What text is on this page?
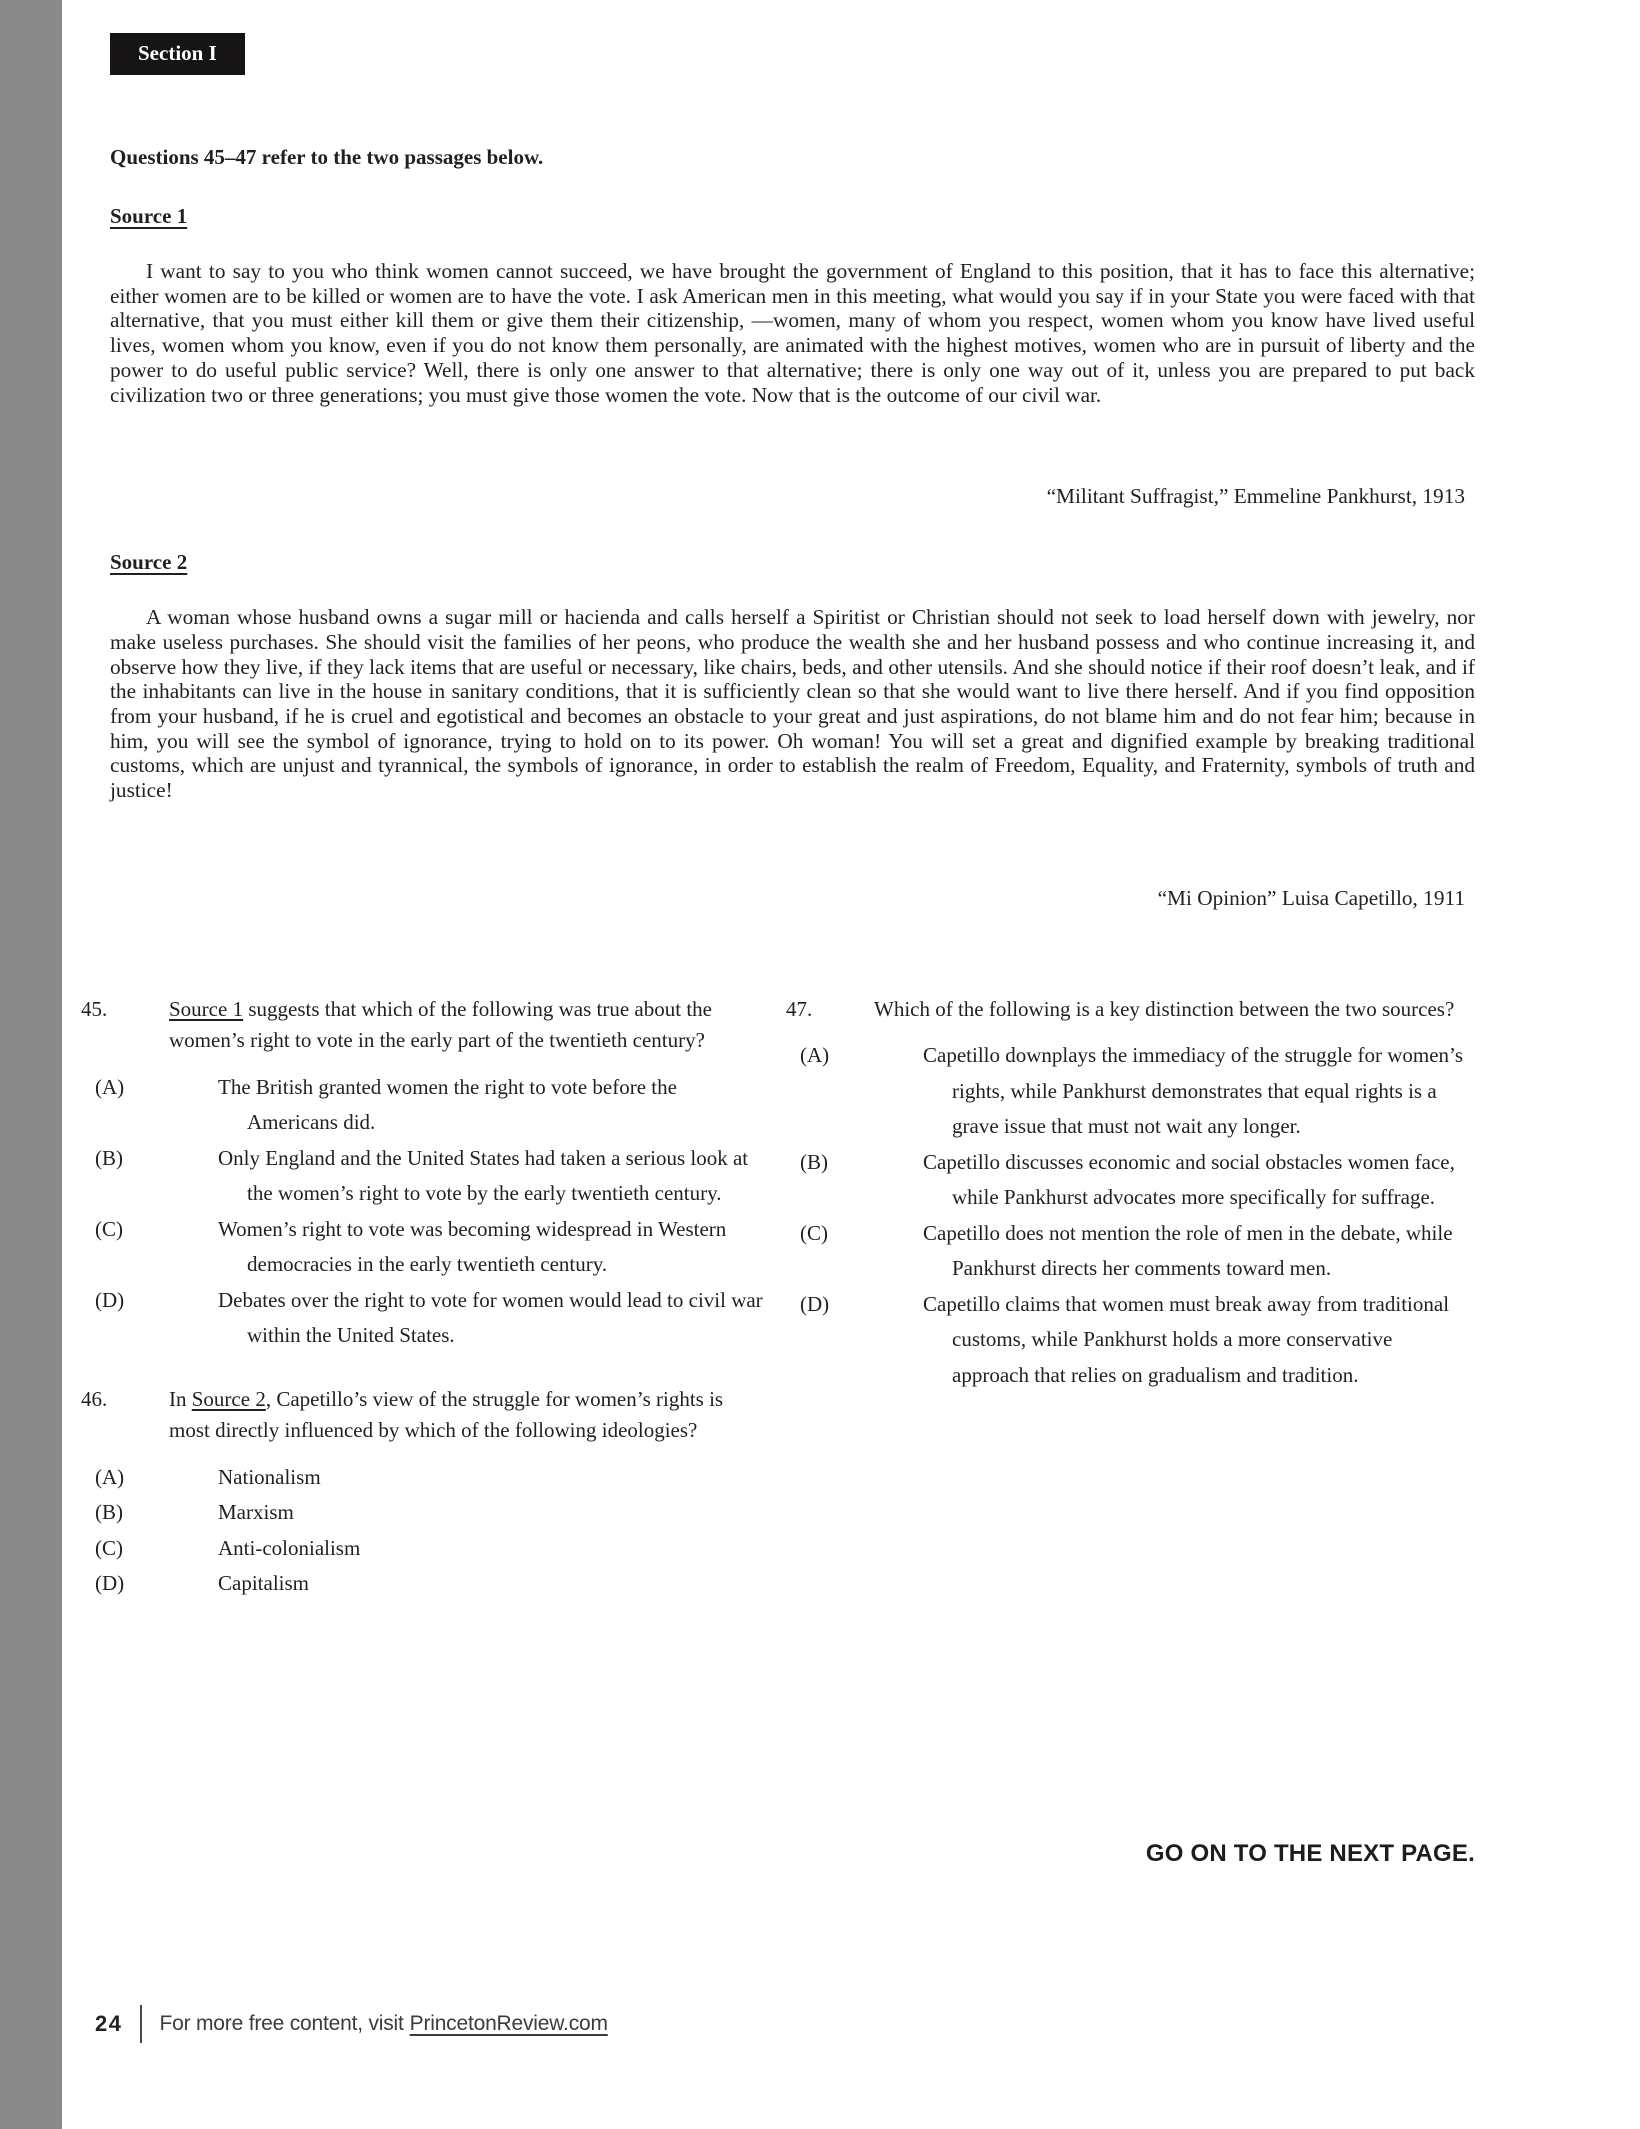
Section I
Questions 45–47 refer to the two passages below.
Source 1

I want to say to you who think women cannot succeed, we have brought the government of England to this position, that it has to face this alternative; either women are to be killed or women are to have the vote. I ask American men in this meeting, what would you say if in your State you were faced with that alternative, that you must either kill them or give them their citizenship, —women, many of whom you respect, women whom you know have lived useful lives, women whom you know, even if you do not know them personally, are animated with the highest motives, women who are in pursuit of liberty and the power to do useful public service? Well, there is only one answer to that alternative; there is only one way out of it, unless you are prepared to put back civilization two or three generations; you must give those women the vote. Now that is the outcome of our civil war.

“Militant Suffragist,” Emmeline Pankhurst, 1913
Source 2

A woman whose husband owns a sugar mill or hacienda and calls herself a Spiritist or Christian should not seek to load herself down with jewelry, nor make useless purchases. She should visit the families of her peons, who produce the wealth she and her husband possess and who continue increasing it, and observe how they live, if they lack items that are useful or necessary, like chairs, beds, and other utensils. And she should notice if their roof doesn’t leak, and if the inhabitants can live in the house in sanitary conditions, that it is sufficiently clean so that she would want to live there herself. And if you find opposition from your husband, if he is cruel and egotistical and becomes an obstacle to your great and just aspirations, do not blame him and do not fear him; because in him, you will see the symbol of ignorance, trying to hold on to its power. Oh woman! You will set a great and dignified example by breaking traditional customs, which are unjust and tyrannical, the symbols of ignorance, in order to establish the realm of Freedom, Equality, and Fraternity, symbols of truth and justice!

“Mi Opinion” Luisa Capetillo, 1911
45.	Source 1 suggests that which of the following was true about the women’s right to vote in the early part of the twentieth century?
(A)	The British granted women the right to vote before the Americans did.
(B)	Only England and the United States had taken a serious look at the women’s right to vote by the early twentieth century.
(C)	Women’s right to vote was becoming widespread in Western democracies in the early twentieth century.
(D)	Debates over the right to vote for women would lead to civil war within the United States.
46.	In Source 2, Capetillo’s view of the struggle for women’s rights is most directly influenced by which of the following ideologies?
(A)	Nationalism
(B)	Marxism
(C)	Anti-colonialism
(D)	Capitalism
47.	Which of the following is a key distinction between the two sources?
(A)	Capetillo downplays the immediacy of the struggle for women’s rights, while Pankhurst demonstrates that equal rights is a grave issue that must not wait any longer.
(B)	Capetillo discusses economic and social obstacles women face, while Pankhurst advocates more specifically for suffrage.
(C)	Capetillo does not mention the role of men in the debate, while Pankhurst directs her comments toward men.
(D)	Capetillo claims that women must break away from traditional customs, while Pankhurst holds a more conservative approach that relies on gradualism and tradition.
GO ON TO THE NEXT PAGE.
24 For more free content, visit PrincetonReview.com
